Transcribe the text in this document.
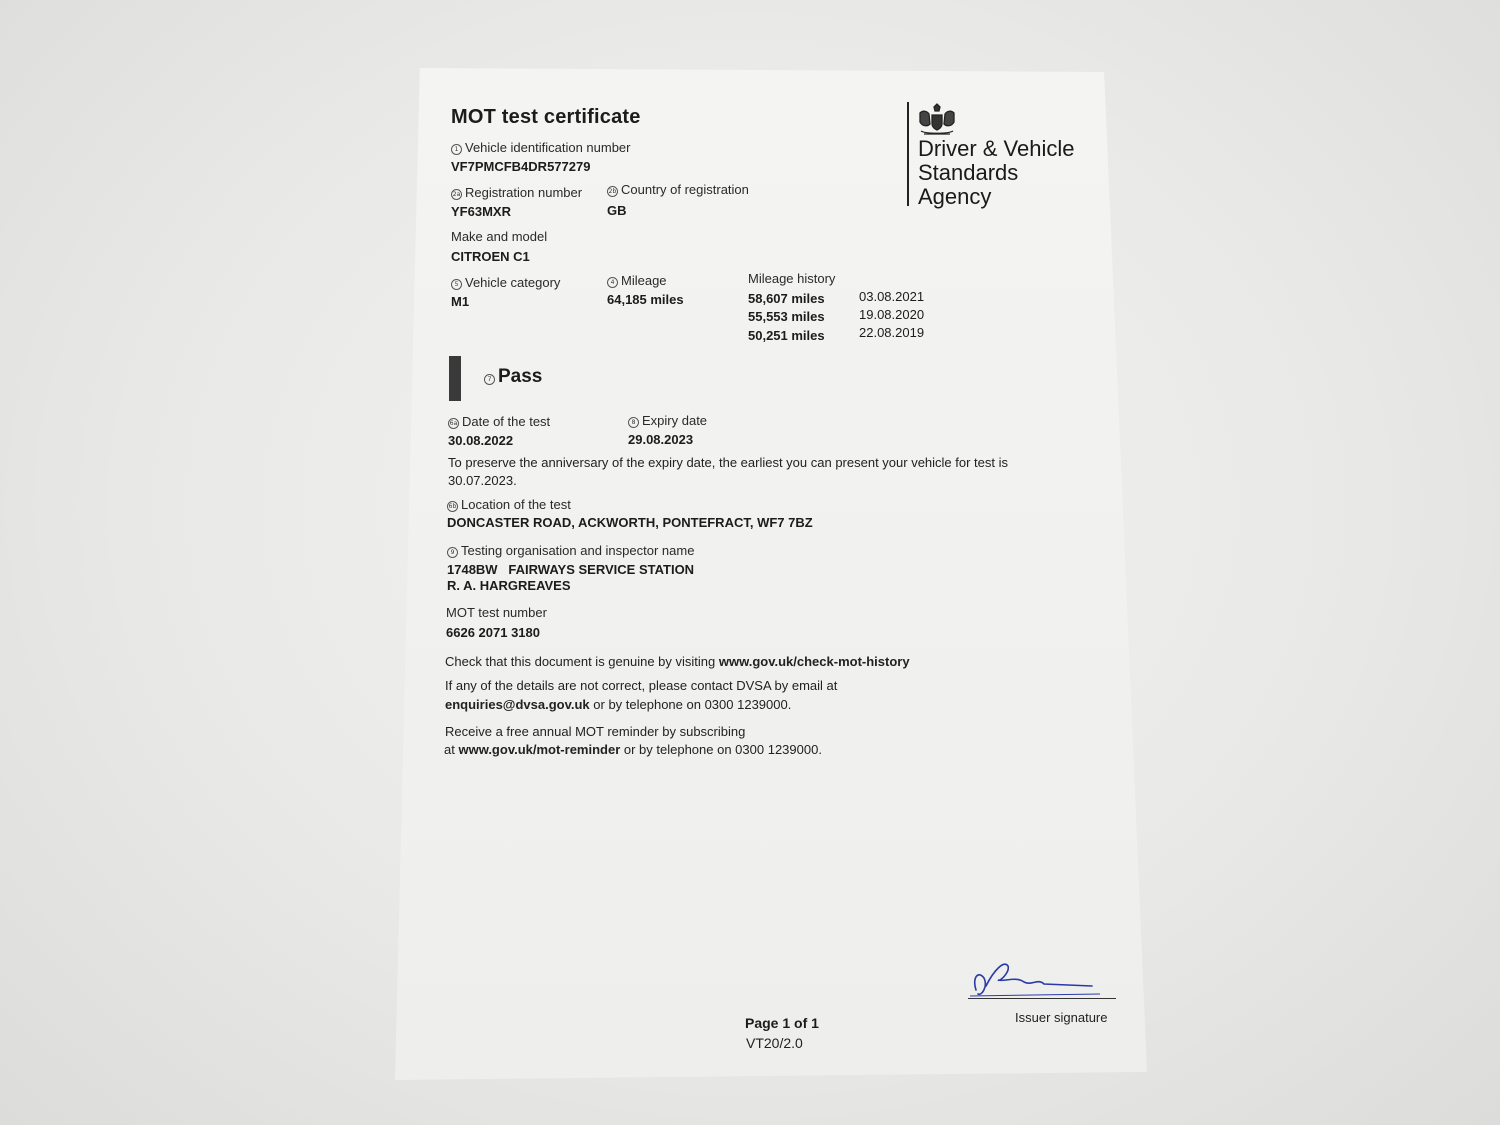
MOT test certificate
Driver & Vehicle Standards Agency
1 Vehicle identification number
VF7PMCFB4DR577279
2a Registration number
YF63MXR
2b Country of registration
GB
Make and model
CITROEN C1
5 Vehicle category
M1
4 Mileage
64,185 miles
Mileage history
58,607 miles	03.08.2021
55,553 miles	19.08.2020
50,251 miles	22.08.2019
7 Pass
6a Date of the test
30.08.2022
8 Expiry date
29.08.2023
To preserve the anniversary of the expiry date, the earliest you can present your vehicle for test is
30.07.2023.
6b Location of the test
DONCASTER ROAD, ACKWORTH, PONTEFRACT, WF7 7BZ
9 Testing organisation and inspector name
1748BW   FAIRWAYS SERVICE STATION
R. A. HARGREAVES
MOT test number
6626 2071 3180
Check that this document is genuine by visiting www.gov.uk/check-mot-history
If any of the details are not correct, please contact DVSA by email at
enquiries@dvsa.gov.uk or by telephone on 0300 1239000.
Receive a free annual MOT reminder by subscribing
at www.gov.uk/mot-reminder or by telephone on 0300 1239000.
Issuer signature
Page 1 of 1
VT20/2.0
